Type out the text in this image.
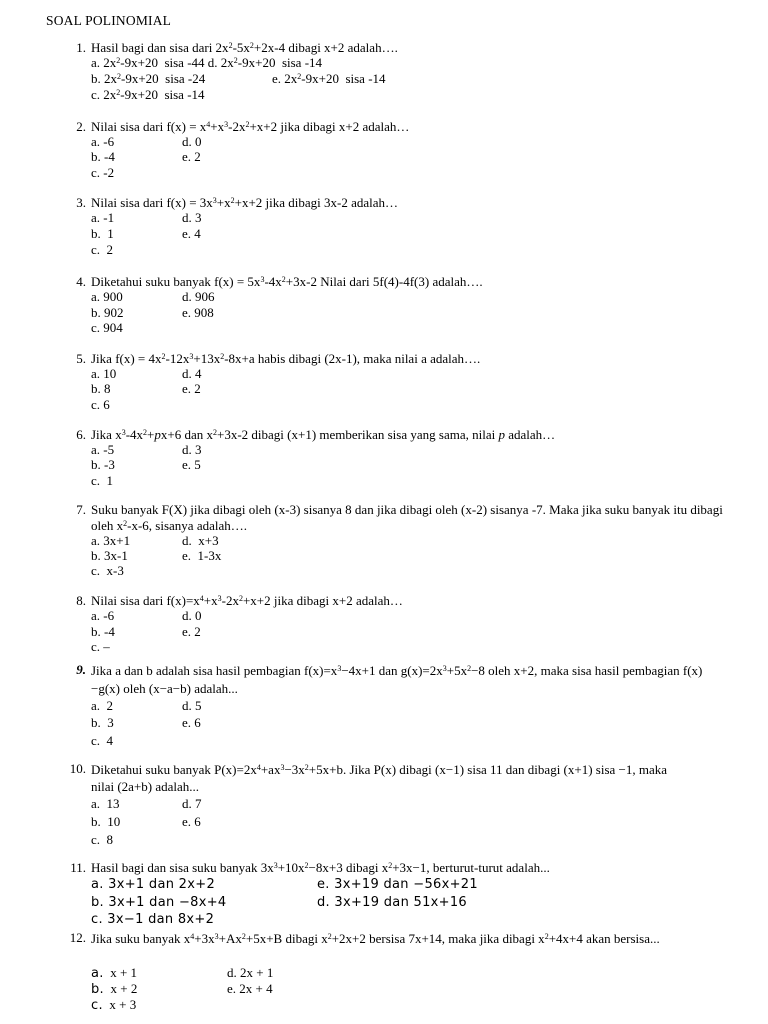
SOAL POLINOMIAL
1. Hasil bagi dan sisa dari $2x^2-5x^2+2x-4$ dibagi x+2 adalah….
a. $2x^2-9x+20$  sisa -44 d. $2x^2-9x+20$  sisa -14
b. $2x^2-9x+20$  sisa -24	e. $2x^2-9x+20$  sisa -14
c. $2x^2-9x+20$  sisa -14
2. Nilai sisa dari $f(x) = x^4+x^3-2x^2+x+2$ jika dibagi x+2 adalah…
a. -6	d. 0
b. -4	e. 2
c. -2
3. Nilai sisa dari $f(x) = 3x^3+x^2+x+2$ jika dibagi 3x-2 adalah…
a. -1	d. 3
b.  1	e. 4
c.  2
4. Diketahui suku banyak $f(x) = 5x^3-4x^2+3x-2$ Nilai dari 5f(4)-4f(3) adalah….
a. 900	d. 906
b. 902	e. 908
c. 904
5. Jika $f(x) = 4x^2-12x^3+13x^2-8x+a$ habis dibagi (2x-1), maka nilai a adalah….
a. 10	d. 4
b. 8	e. 2
c. 6
6. Jika $x^3-4x^2+px+6$ dan $x^2+3x-2$ dibagi (x+1) memberikan sisa yang sama, nilai p adalah…
a. -5	d. 3
b. -3	e. 5
c.  1
7. Suku banyak F(X) jika dibagi oleh (x-3) sisanya 8 dan jika dibagi oleh (x-2) sisanya -7. Maka jika suku banyak itu dibagi oleh $x^2-x-6$, sisanya adalah….
a. 3x+1	d.  x+3
b. 3x-1	e.  1-3x
c.  x-3
8. Nilai sisa dari $f(x)=x^4+x^3-2x^2+x+2$ jika dibagi x+2 adalah…
a. -6	d. 0
b. -4	e. 2
c. –
9. Jika a dan b adalah sisa hasil pembagian $f(x)=x^3-4x+1$ dan $g(x)=2x^3+5x^2-8$ oleh x+2, maka sisa hasil pembagian f(x)−g(x) oleh (x−a−b) adalah...
a.  2	d. 5
b.  3	e. 6
c.  4
10. Diketahui suku banyak $P(x)=2x^4+ax^3-3x^2+5x+b$. Jika P(x) dibagi (x−1) sisa 11 dan dibagi (x+1) sisa −1, maka nilai (2a+b) adalah...
a.  13	d. 7
b.  10	e. 6
c.  8
11. Hasil bagi dan sisa suku banyak $3x^3+10x^2-8x+3$ dibagi $x^2+3x-1$, berturut-turut adalah...
a. 3x+1 dan 2x+2	e. 3x+19 dan −56x+21
b. 3x+1 dan −8x+4	d. 3x+19 dan 51x+16
c. 3x−1 dan 8x+2
12. Jika suku banyak $x^4+3x^3+Ax^2+5x+B$ dibagi $x^2+2x+2$ bersisa 7x+14, maka jika dibagi $x^2+4x+4$ akan bersisa...
a. x + 1	d. 2x + 1
b. x + 2	e. 2x + 4
c. x + 3
